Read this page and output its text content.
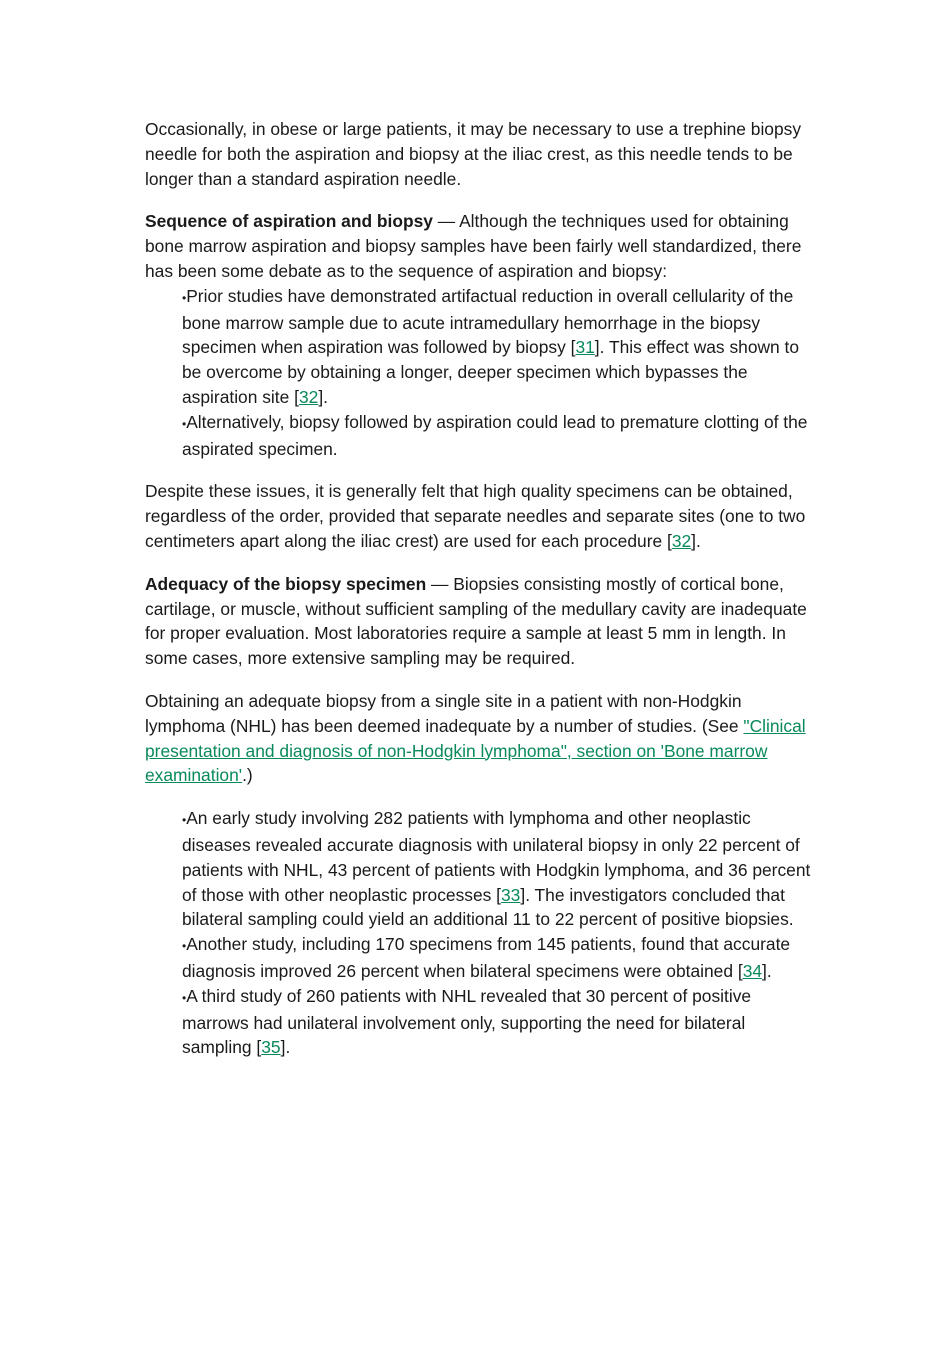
Occasionally, in obese or large patients, it may be necessary to use a trephine biopsy needle for both the aspiration and biopsy at the iliac crest, as this needle tends to be longer than a standard aspiration needle.

Sequence of aspiration and biopsy — Although the techniques used for obtaining bone marrow aspiration and biopsy samples have been fairly well standardized, there has been some debate as to the sequence of aspiration and biopsy:

•Prior studies have demonstrated artifactual reduction in overall cellularity of the bone marrow sample due to acute intramedullary hemorrhage in the biopsy specimen when aspiration was followed by biopsy [31]. This effect was shown to be overcome by obtaining a longer, deeper specimen which bypasses the aspiration site [32].
•Alternatively, biopsy followed by aspiration could lead to premature clotting of the aspirated specimen.

Despite these issues, it is generally felt that high quality specimens can be obtained, regardless of the order, provided that separate needles and separate sites (one to two centimeters apart along the iliac crest) are used for each procedure [32].

Adequacy of the biopsy specimen — Biopsies consisting mostly of cortical bone, cartilage, or muscle, without sufficient sampling of the medullary cavity are inadequate for proper evaluation. Most laboratories require a sample at least 5 mm in length. In some cases, more extensive sampling may be required.

Obtaining an adequate biopsy from a single site in a patient with non-Hodgkin lymphoma (NHL) has been deemed inadequate by a number of studies. (See "Clinical presentation and diagnosis of non-Hodgkin lymphoma", section on 'Bone marrow examination'.)

•An early study involving 282 patients with lymphoma and other neoplastic diseases revealed accurate diagnosis with unilateral biopsy in only 22 percent of patients with NHL, 43 percent of patients with Hodgkin lymphoma, and 36 percent of those with other neoplastic processes [33]. The investigators concluded that bilateral sampling could yield an additional 11 to 22 percent of positive biopsies.
•Another study, including 170 specimens from 145 patients, found that accurate diagnosis improved 26 percent when bilateral specimens were obtained [34].
•A third study of 260 patients with NHL revealed that 30 percent of positive marrows had unilateral involvement only, supporting the need for bilateral sampling [35].
